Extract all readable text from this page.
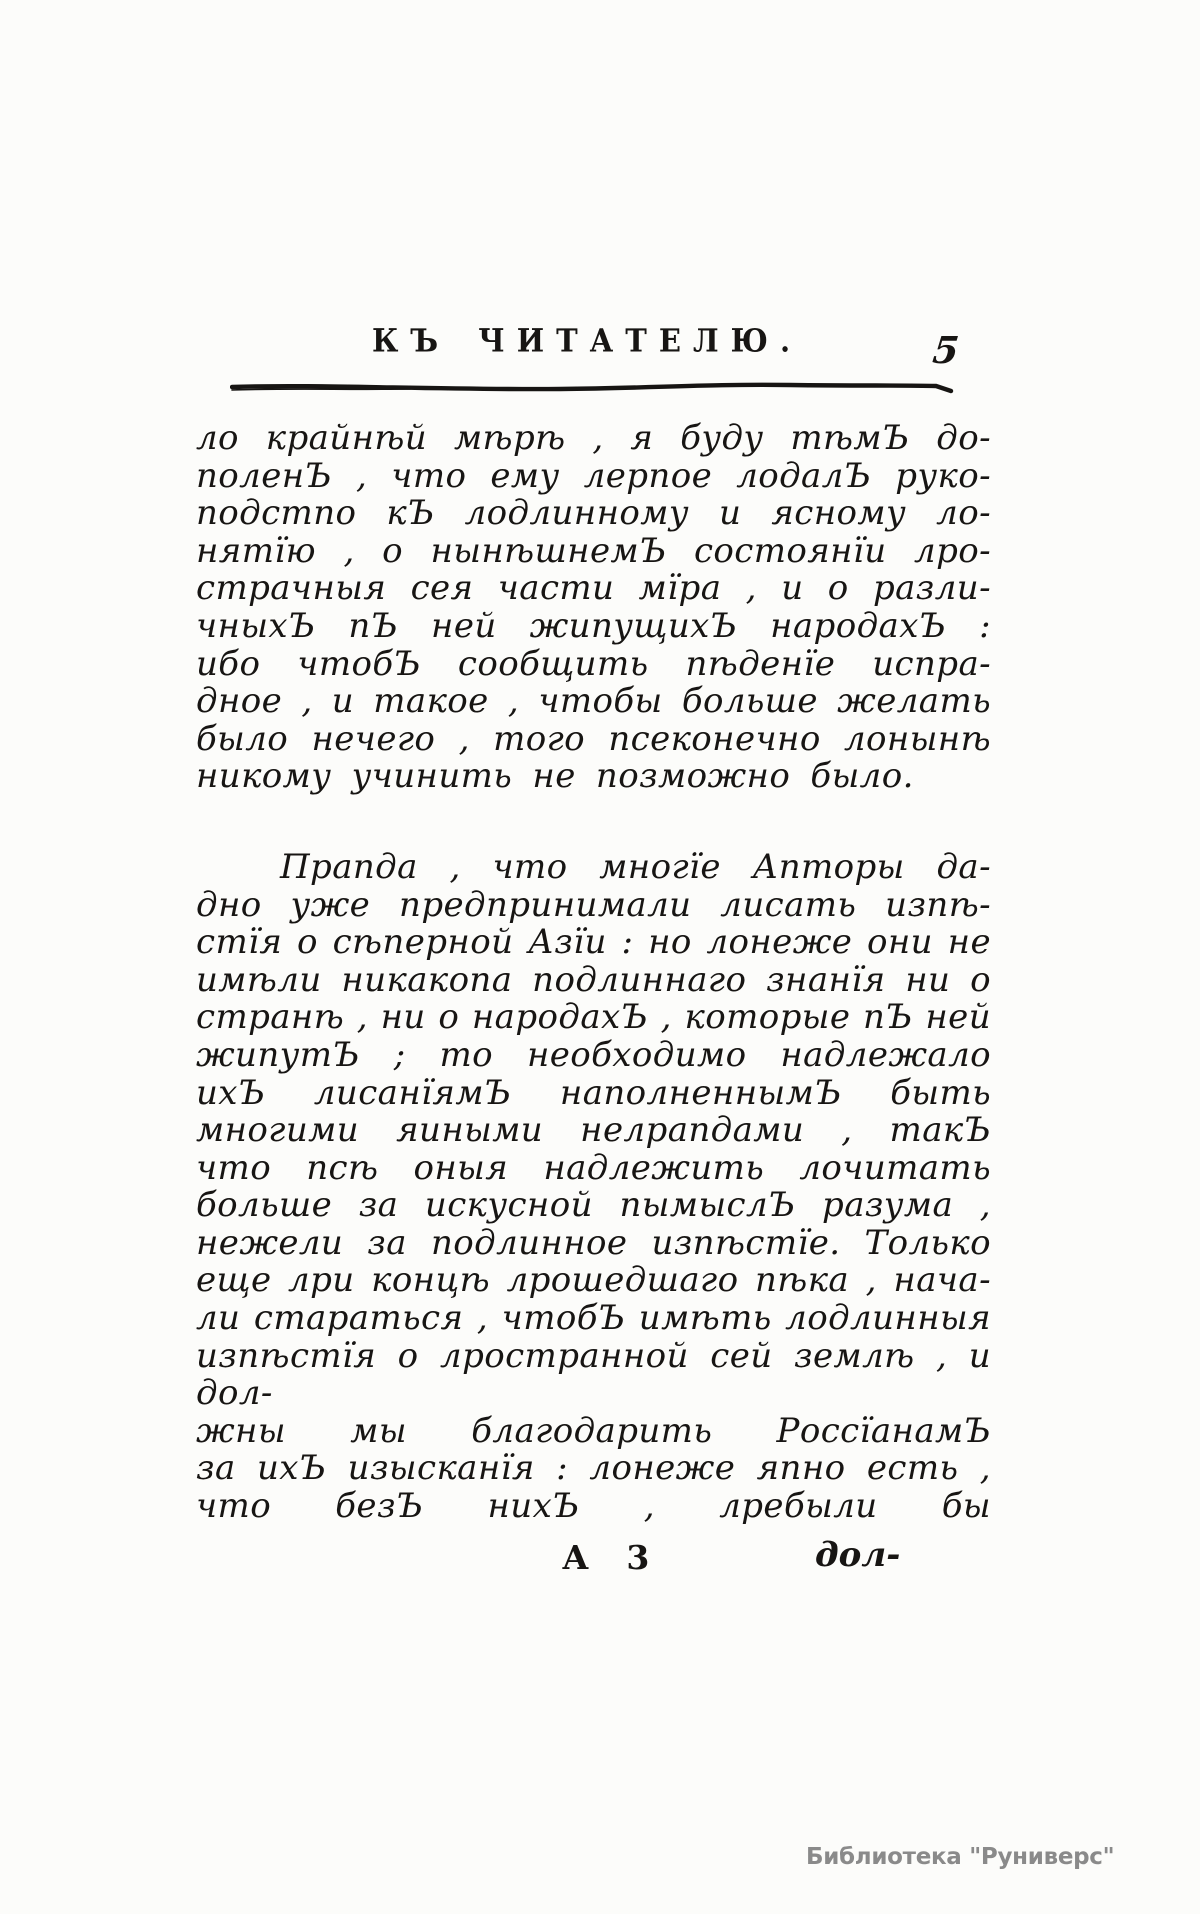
КЪ ЧИТАТЕЛЮ.	5
ло крайнѣй мѣрѣ , я буду тѣмЪ до-
поленЪ , что ему лерпое лодалЪ руко-
подстпо кЪ лодлинному и ясному ло-
нятїю , о нынѣшнемЪ состоянїи лро-
страчныя сея части мїра , и о разли-
чныхЪ пЪ ней жипущихЪ народахЪ :
ибо чтобЪ сообщить пѣденїе испра-
дное , и такое , чтобы больше желать
было нечего , того псеконечно лонынѣ
никому учинить не позможно было.
Прапда , что многїе Апторы да-
дно уже предпринимали лисать изпѣ-
стїя о сѣперной Азїи : но лонеже они не
имѣли никакопа подлиннаго знанїя ни о
странѣ , ни о народахЪ , которые пЪ ней
жипутЪ ; то необходимо надлежало
ихЪ лисанїямЪ наполненнымЪ быть
многими яиными нелрапдами , такЪ
что псѣ оныя надлежить лочитать
больше за искусной пымыслЪ разума ,
нежели за подлинное изпѣстїе. Только
еще лри концѣ лрошедшаго пѣка , нача-
ли стараться , чтобЪ имѣть лодлинныя
изпѣстїя о лространной сей землѣ , и дол-
жны мы благодарить РоссїанамЪ
за ихЪ изысканїя : лонеже япно есть ,
что безЪ нихЪ , лребыли бы
А 3	дол-
Библиотека "Руниверс"
